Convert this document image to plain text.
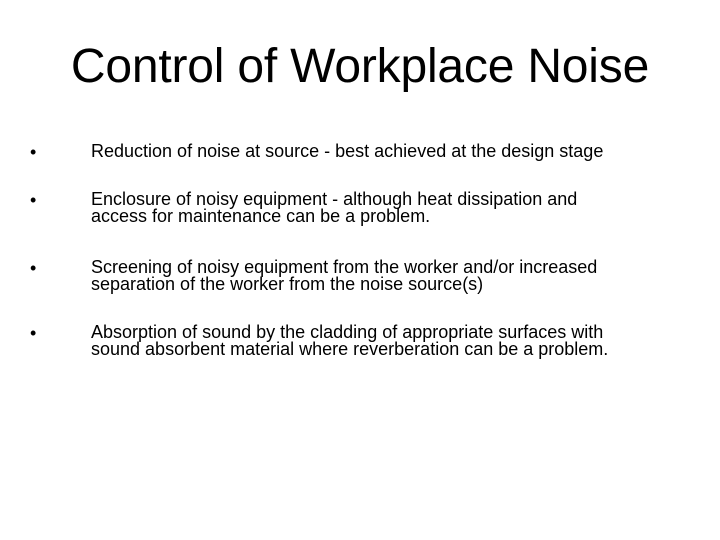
Control of Workplace Noise
•	Reduction of noise at source - best achieved at the design stage
•	Enclosure of noisy equipment - although heat dissipation and
access for maintenance can be a problem.
•	Screening of noisy equipment from the worker and/or increased
separation of the worker from the noise source(s)
•	Absorption of sound by the cladding of appropriate surfaces with
sound absorbent material where reverberation can be a problem.
